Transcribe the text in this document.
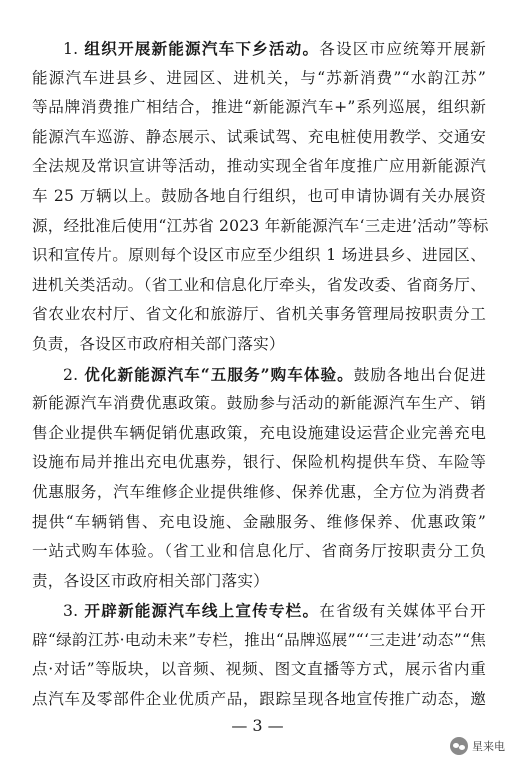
1. 组织开展新能源汽车下乡活动。各设区市应统筹开展新
能源汽车进县乡、进园区、进机关，与“苏新消费”“水韵江苏”
等品牌消费推广相结合，推进“新能源汽车+”系列巡展，组织新
能源汽车巡游、静态展示、试乘试驾、充电桩使用教学、交通安
全法规及常识宣讲等活动，推动实现全省年度推广应用新能源汽
车 25 万辆以上。鼓励各地自行组织，也可申请协调有关办展资
源，经批准后使用“江苏省 2023 年新能源汽车‘三走进’活动”等标
识和宣传片。原则每个设区市应至少组织 1 场进县乡、进园区、
进机关类活动。（省工业和信息化厅牵头，省发改委、省商务厅、
省农业农村厅、省文化和旅游厅、省机关事务管理局按职责分工
负责，各设区市政府相关部门落实）
2. 优化新能源汽车“五服务”购车体验。鼓励各地出台促进
新能源汽车消费优惠政策。鼓励参与活动的新能源汽车生产、销
售企业提供车辆促销优惠政策，充电设施建设运营企业完善充电
设施布局并推出充电优惠券，银行、保险机构提供车贷、车险等
优惠服务，汽车维修企业提供维修、保养优惠，全方位为消费者
提供“车辆销售、充电设施、金融服务、维修保养、优惠政策”
一站式购车体验。（省工业和信息化厅、省商务厅按职责分工负
责，各设区市政府相关部门落实）
3. 开辟新能源汽车线上宣传专栏。在省级有关媒体平台开
辟“绿韵江苏·电动未来”专栏，推出“品牌巡展”“‘三走进’动态”“焦
点·对话”等版块，以音频、视频、图文直播等方式，展示省内重
点汽车及零部件企业优质产品，跟踪呈现各地宣传推广动态，邀
— 3 —
星来电
